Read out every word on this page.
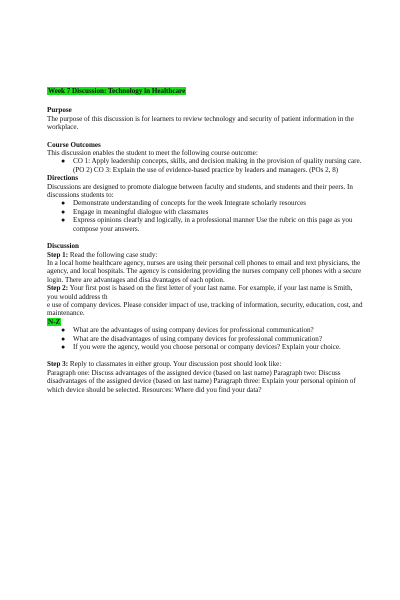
Week 7 Discussion: Technology in Healthcare

Purpose

The purpose of this discussion is for learners to review technology and security of patient information in the workplace.

Course Outcomes

This discussion enables the student to meet the following course outcome:

● CO 1: Apply leadership concepts, skills, and decision making in the provision of quality nursing care. (PO 2) CO 3: Explain the use of evidence-based practice by leaders and managers. (POs 2, 8)

Directions

Discussions are designed to promote dialogue between faculty and students, and students and their peers. In discussions students to:

● Demonstrate understanding of concepts for the week Integrate scholarly resources
● Engage in meaningful dialogue with classmates
● Express opinions clearly and logically, in a professional manner Use the rubric on this page as you compose your answers.

Discussion

Step 1: Read the following case study:

In a local home healthcare agency, nurses are using their personal cell phones to email and text physicians, the agency, and local hospitals. The agency is considering providing the nurses company cell phones with a secure login. There are advantages and disa dvantages of each option.

Step 2: Your first post is based on the first letter of your last name. For example, if your last name is Smith, you would address th

e use of company devices. Please consider impact of use, tracking of information, security, education, cost, and maintenance.

N-Z
● What are the advantages of using company devices for professional communication?
● What are the disadvantages of using company devices for professional communication?
● If you were the agency, would you choose personal or company devices? Explain your choice.

Step 3: Reply to classmates in either group. Your discussion post should look like:

Paragraph one: Discuss advantages of the assigned device (based on last name) Paragraph two: Discuss disadvantages of the assigned device (based on last name) Paragraph three: Explain your personal opinion of which device should be selected. Resources: Where did you find your data?
